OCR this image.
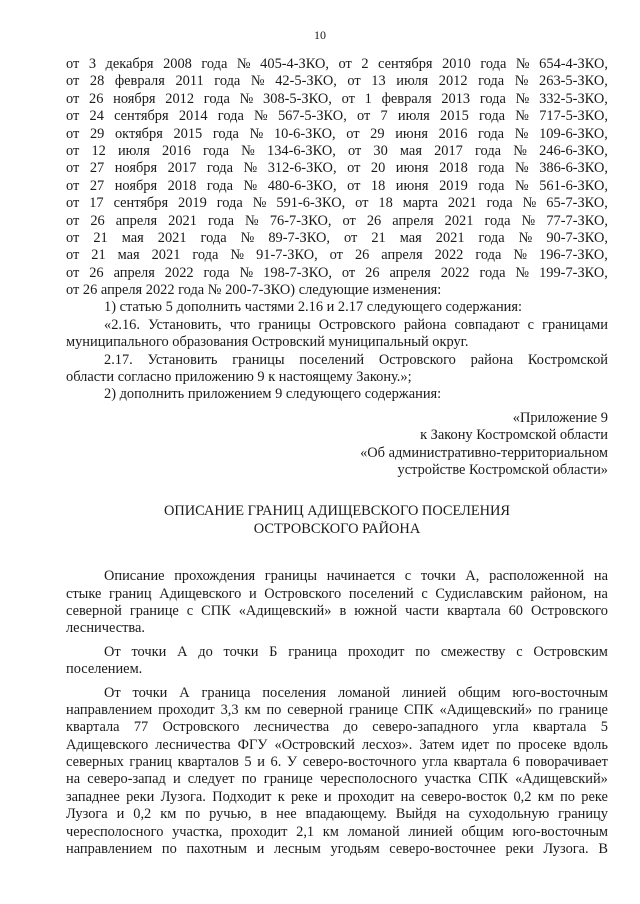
10
от 3 декабря 2008 года № 405-4-ЗКО, от 2 сентября 2010 года № 654-4-ЗКО,
от 28 февраля 2011 года № 42-5-ЗКО, от 13 июля 2012 года № 263-5-ЗКО,
от 26 ноября 2012 года № 308-5-ЗКО, от 1 февраля 2013 года № 332-5-ЗКО,
от 24 сентября 2014 года № 567-5-ЗКО, от 7 июля 2015 года № 717-5-ЗКО,
от 29 октября 2015 года № 10-6-ЗКО, от 29 июня 2016 года № 109-6-ЗКО,
от 12 июля 2016 года № 134-6-ЗКО, от 30 мая 2017 года № 246-6-ЗКО,
от 27 ноября 2017 года № 312-6-ЗКО, от 20 июня 2018 года № 386-6-ЗКО,
от 27 ноября 2018 года № 480-6-ЗКО, от 18 июня 2019 года № 561-6-ЗКО,
от 17 сентября 2019 года № 591-6-ЗКО, от 18 марта 2021 года № 65-7-ЗКО,
от 26 апреля 2021 года № 76-7-ЗКО, от 26 апреля 2021 года № 77-7-ЗКО,
от 21 мая 2021 года № 89-7-ЗКО, от 21 мая 2021 года № 90-7-ЗКО,
от 21 мая 2021 года № 91-7-ЗКО, от 26 апреля 2022 года № 196-7-ЗКО,
от 26 апреля 2022 года № 198-7-ЗКО, от 26 апреля 2022 года № 199-7-ЗКО,
от 26 апреля 2022 года № 200-7-ЗКО) следующие изменения:
1) статью 5 дополнить частями 2.16 и 2.17 следующего содержания:
«2.16. Установить, что границы Островского района совпадают с границами
муниципального образования Островский муниципальный округ.
2.17. Установить границы поселений Островского района Костромской
области согласно приложению 9 к настоящему Закону.»;
2) дополнить приложением 9 следующего содержания:
«Приложение 9
к Закону Костромской области
«Об административно-территориальном
устройстве Костромской области»
ОПИСАНИЕ ГРАНИЦ АДИЩЕВСКОГО ПОСЕЛЕНИЯ
ОСТРОВСКОГО РАЙОНА
Описание прохождения границы начинается с точки А, расположенной на
стыке границ Адищевского и Островского поселений с Судиславским районом, на
северной границе с СПК «Адищевский» в южной части квартала 60 Островского
лесничества.
От точки А до точки Б граница проходит по смежеству с Островским
поселением.
От точки А граница поселения ломаной линией общим юго-восточным
направлением проходит 3,3 км по северной границе СПК «Адищевский» по границе
квартала 77 Островского лесничества до северо-западного угла квартала 5
Адищевского лесничества ФГУ «Островский лесхоз». Затем идет по просеке вдоль
северных границ кварталов 5 и 6. У северо-восточного угла квартала 6 поворачивает
на северо-запад и следует по границе чересполосного участка СПК «Адищевский»
западнее реки Лузога. Подходит к реке и проходит на северо-восток 0,2 км по реке
Лузога и 0,2 км по ручью, в нее впадающему. Выйдя на суходольную границу
чересполосного участка, проходит 2,1 км ломаной линией общим юго-восточным
направлением по пахотным и лесным угодьям северо-восточнее реки Лузога. В
